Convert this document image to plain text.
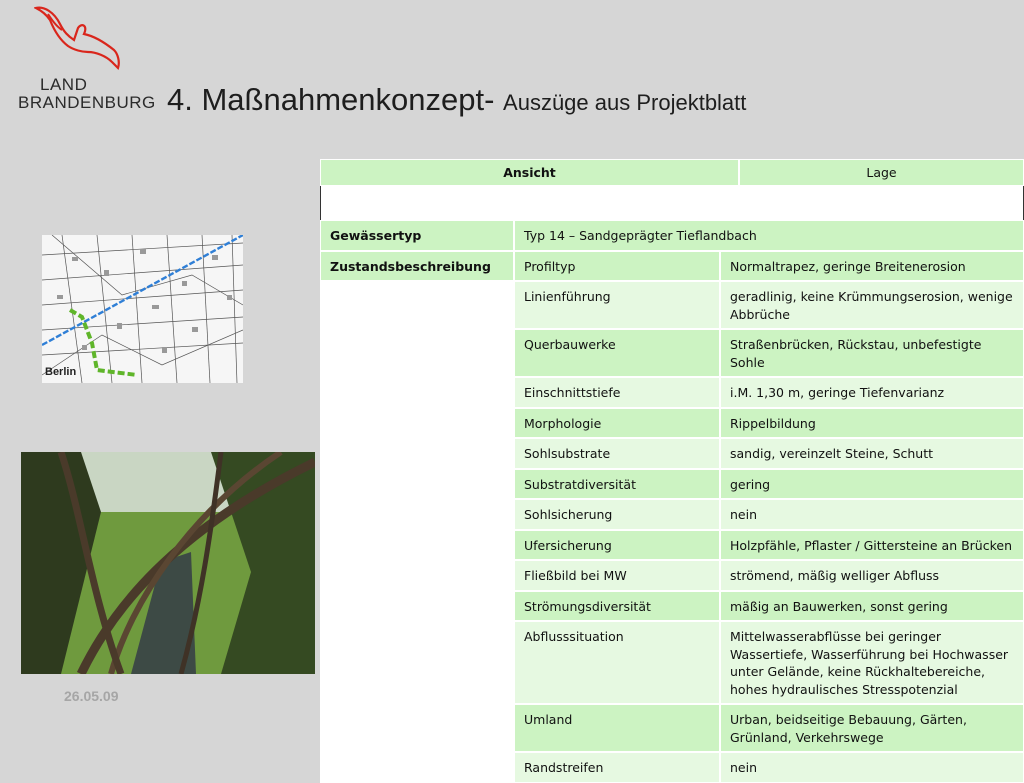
LAND
BRANDENBURG 4. Maßnahmenkonzept- Auszüge aus Projektblatt
Berlin
26.05.09
Ansicht	Lage
Gewässertyp	Typ 14 – Sandgeprägter Tieflandbach
Zustandsbeschreibung	Profiltyp	Normaltrapez, geringe Breitenerosion
Linienführung	geradlinig, keine Krümmungserosion, wenige Abbrüche
Querbauwerke	Straßenbrücken, Rückstau, unbefestigte Sohle
Einschnittstiefe	i.M. 1,30 m, geringe Tiefenvarianz
Morphologie	Rippelbildung
Sohlsubstrate	sandig, vereinzelt Steine, Schutt
Substratdiversität	gering
Sohlsicherung	nein
Ufersicherung	Holzpfähle, Pflaster / Gittersteine an Brücken
Fließbild bei MW	strömend, mäßig welliger Abfluss
Strömungsdiversität	mäßig an Bauwerken, sonst gering
Abflusssituation	Mittelwasserabflüsse bei geringer Wassertiefe, Wasserführung bei Hochwasser unter Gelände, keine Rückhaltebereiche, hohes hydraulisches Stresspotenzial
Umland	Urban, beidseitige Bebauung, Gärten, Grünland, Verkehrswege
Randstreifen	nein
